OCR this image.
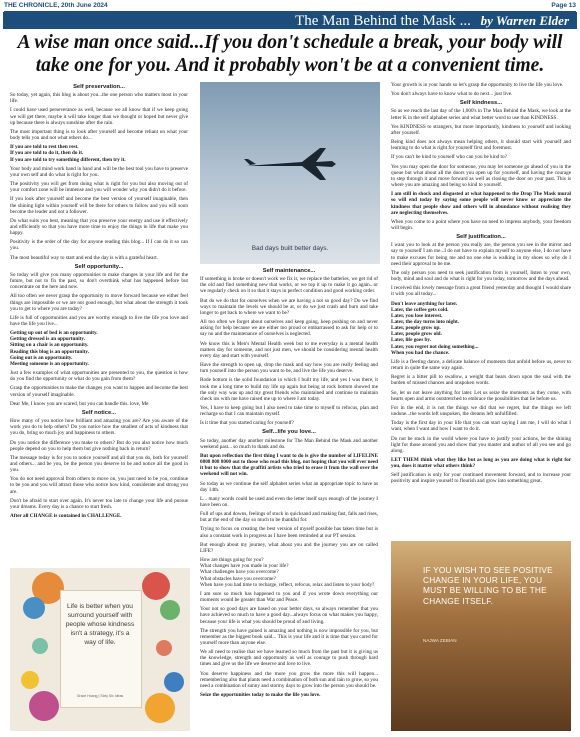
THE CHRONICLE, 20th June 2024	Page 13
The Man Behind the Mask ... by Warren Elder
A wise man once said...If you don't schedule a break, your body will take one for you. And it probably won't be at a convenient time.
Self preservation...

So today, yet again, this blog is about you...the one person who matters most in your life.

I could have used perseverance as well, because we all know that if we keep going we will get there, maybe it will take longer than we thought or hoped but never give up because there is always sunshine after the rain.

The most important thing is to look after yourself and become reliant on what your body tells you and not what others do...

If you are told to rest then rest.

If you are told to do it, then do it.

If you are told to try something different, then try it.

Your body and mind work hand in hand and will be the best tool you have to preserve your own self and do what is right for you.

The positivity you will get from doing what is right for you but also moving out of your comfort zone will be immense and you will wonder why you didn't do it before.

If you look after yourself and become the best version of yourself imaginable, then the shining light within yourself will be there for others to follow and you will soon become the leader and not a follower.

Do what suits you best, meaning that you preserve your energy and use it effectively and efficiently so that you have more time to enjoy the things in life that make you happy.

Positivity is the order of the day for anyone reading this blog... If I can do it so can you.

The most beautiful way to start and end the day is with a grateful heart.

Self opportunity...

So today will give you many opportunities to make changes in your life and for the future, but not to fix the past, so don't overthink what has happened before but concentrate on the here and now.

All too often we never grasp the opportunity to move forward because we either feel things are impossible or we are not good enough, but what about the strength it took you to get to where you are today?

Life is full of opportunities and you are worthy enough to live the life you love and have the life you live...

Getting up out of bed is an opportunity.

Getting dressed is an opportunity.

Sitting on a chair is an opportunity.

Reading this blog is an opportunity.

Going out is an opportunity.

Meeting someone is an opportunity.

Just a few examples of what opportunities are presented to you, the question is how do you find the opportunity or what do you gain from them?

Grasp the opportunities to make the changes you want to happen and become the best version of yourself imaginable.

Dear Me, I know you are scared, but you can handle this. love, Me

Self notice...

How many of you notice how brilliant and amazing you are? Are you aware of the work you do to help others? Do you notice how the smallest of acts of kindness that you do, bring so much joy and happiness to others.

Do you notice the difference you make to others? But do you also notice how much people depend on you to help them but give nothing back in return?

The message today is for you to notice yourself and all that you do, both for yourself and others... and be you, be the person you deserve to be and notice all the good in you.

You do not need approval from others to move on, you just need to be you, continue to be you and you will attract those who notice how kind, considerate and strong you are.

Don't be afraid to start over again. It's never too late to change your life and pursue your dreams. Every day is a chance to start fresh.

After all CHANGE is contained in CHALLENGE.

Bad days built better days.
Self maintenance...

If something is broke or doesn't work we fix it, we replace the batteries, we get rid of the old and find something new that works, or we top it up to make it go again...or we regularly check on it so that it stays in perfect condition and good working order.

But do we do that for ourselves when we are having a not so good day? Do we find ways to maintain the levels we should be at, or do we just crash and burn and take longer to get back to where we want to be?

All too often we forget about ourselves and keep going, keep pushing on and never asking for help because we are either too proud or embarrassed to ask for help or to say no and the maintenance of ourselves is neglected.

We know this is Men's Mental Health week but to me everyday is a mental health matters day for someone, and not just men, we should be considering mental health every day and start with yourself.

Have the strength to open up, drop the mask and say how you are really feeling and turn yourself into the person you want to be, and live the life you deserve.

Rode bottom is the solid foundation in which I built my life, and yes I was there, it took me a long time to build my life up again but being at rock bottom showed me the only way was up and my great friends who maintained and continue to maintain check ins with me have raised me up to where I am today.

Yes, I have to keep going but I also need to take time to myself to refocus, plan and recharge so that I can maintain myself.

Is it time that you started caring for yourself?

Self...life you love...

So today, another day another milestone for The Man Behind the Mask and another weekend past... so much to thank and do.

But upon reflection the first thing I want to do is give the number of LIFELINE 0808 808 8000 out to those who read this blog, not hoping that you will ever need it but to show that the graffiti artists who tried to erase it from the wall over the weekend will not win.

So today as we continue the self alphabet series what an appropriate topic to have as day 14th.

L... many words could be used and even the letter itself says enough of the journey I have been on.

Full of ups and downs, feelings of stuck in quicksand and making fast, falls and rises, but at the end of the day so much to be thankful for.

Trying to focus on creating the best version of myself possible has taken time but is also a constant work in progress as I have been reminded at our PT session.

But enough about my journey, what about you and the journey you are on called LIFE?

How are things going for you?

What changes have you made in your life?

What challenges have you overcome?

What obstacles have you overcome?

When have you had time to recharge, reflect, refocus, relax and listen to your body?

I am sure so much has happened to you and if you wrote down everything our moments would be greater than War and Peace.

Your not so good days are based on your better days, so always remember that you have achieved so much to have a good day...always focus on what makes you happy, because your life is what you should be proud of and living.

The strength you have gained is amazing and nothing is now impossible for you, but remember as the biggest book said... This is your life and it is time that you cared for yourself more than anyone else.

We all need to realise that we have learned so much from the past but it is giving us the knowledge, strength and opportunity as well as courage to push through hard times and give us the life we deserve and love to live.

You deserve happiness and the more you grow the more this will happen... remembering also that plants need a combination of both sun and rain to grow, so you need a combination of sunny and stormy days to grow into the person you should be.

Seize the opportunities today to make the life you love.

Your growth is in your hands so let's grasp the opportunity to live the life you love.

You don't always have to know what to do next... just live.

Self kindness...

So as we reach the last day of the 1,000's in The Man Behind the Mask, we look at the letter K in the self alphabet series and what better word to use than KINDNESS.

Yes KINDNESS to strangers, but more importantly, kindness to yourself and looking after yourself.

Being kind does not always mean helping others, it should start with yourself and learning to do what is right for yourself first and foremost.

If you can't be kind to yourself who can you be kind to?

Yes you may open the door for someone, you may let someone go ahead of you in the queue but what about all the doors you open up for yourself, and having the courage to step through it and move forward as well as closing the door on your past. This is where you are amazing and being so kind to yourself.

I am still in shock and disgusted at what happened to the Drop The Mask mural so will end today by saying some people will never know or appreciate the kindness that people show and others will in abundance without realising they are neglecting themselves.

When you come to a point where you have no need to impress anybody, your freedom will begin.

Self justification...

I want you to look at the person you really are, the person you see in the mirror and say to yourself I am me...I do not have to explain myself to anyone else, I do not have to make excuses for being me and no one else is walking in my shoes so why do I need their approval to be me.

The only person you need to seek justification from is yourself, listen to your own, body, mind and soul and do what is right for you today, tomorrow and the days ahead.

I received this lovely message from a great friend yesterday and thought I would share it with you all today...

Don't leave anything for later.

Later, the coffee gets cold.

Later, you lose interest.

Later, the day turns into night.

Later, people grow up.

Later, people grow old.

Later, life goes by.

Later, you regret not doing something...

When you had the chance.

Life is a fleeting dance, a delicate balance of moments that unfold before us, never to return in quite the same way again.

Regret is a bitter pill to swallow, a weight that bears down upon the soul with the burden of missed chances and unspoken words.

So, let us not leave anything for later. Let us seize the moments as they come, with hearts open and arms outstretched to embrace the possibilities that lie before us.

For in the end, it is not the things we did that we regret, but the things we left undone...the words left unspoken, the dreams left unfulfilled.

Today is the first day in your life that you can start saying I am me, I will do what I want, when I want and how I want to do it.

Do not be stuck in the world where you have to justify your actions, be the shining light for those around you and show that you master and author of all you see and go along.

LET THEM think what they like but as long as you are doing what is right for you, does it matter what others think?

Self justification is only for your continued movement forward, and to increase your positivity and inspire yourself to flourish and grow into something great.

Life is better when you surround yourself with people whose kindness isn't a strategy, it's a way of life.
Grace Hoang | Sixty Six Ideas
IF YOU WISH TO SEE POSITIVE CHANGE IN YOUR LIFE, YOU MUST BE WILLING TO BE THE CHANGE ITSELF.
NAJWA ZEBIAN
